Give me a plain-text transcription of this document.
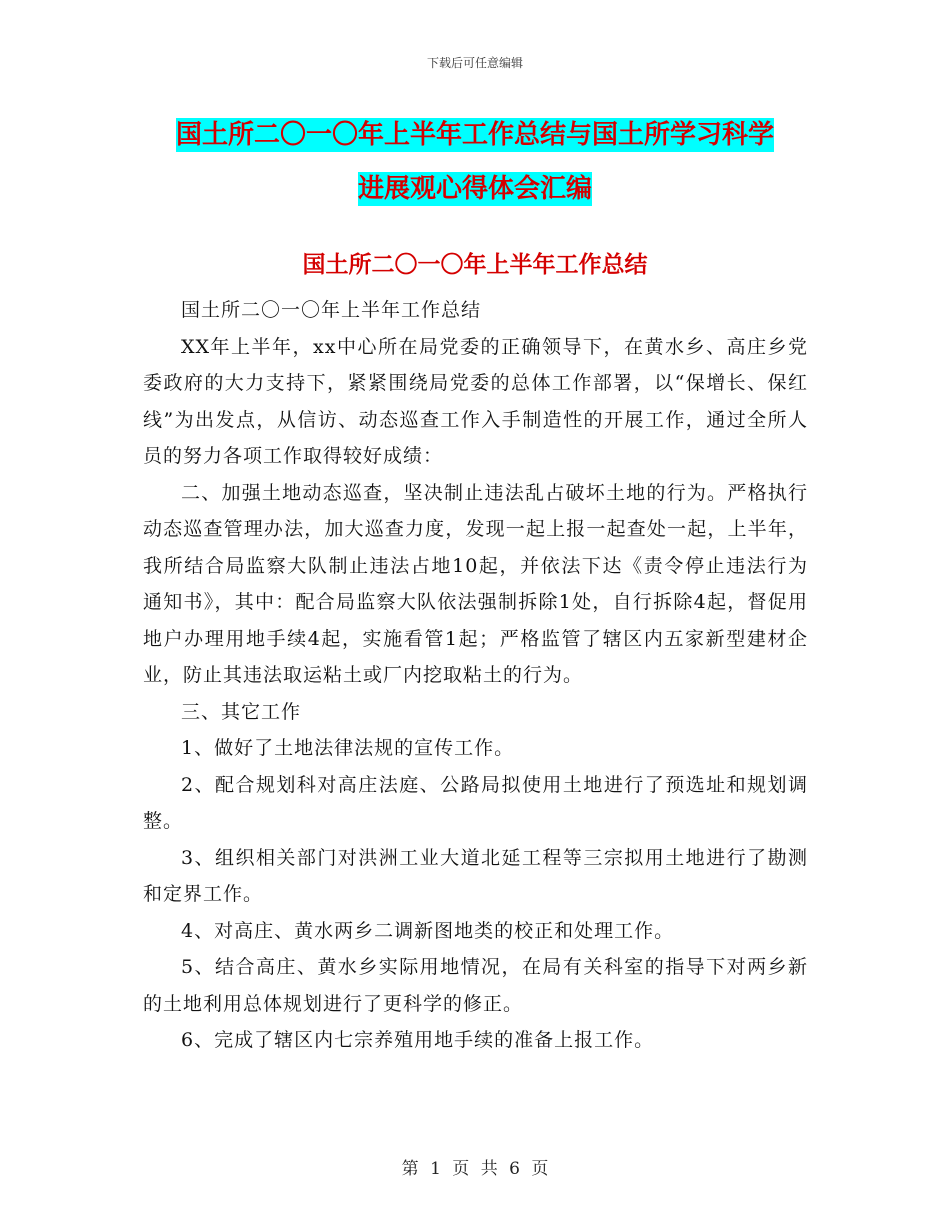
下载后可任意编辑
国土所二〇一〇年上半年工作总结与国土所学习科学
进展观心得体会汇编
国土所二〇一〇年上半年工作总结

国土所二〇一〇年上半年工作总结

XX年上半年，xx中心所在局党委的正确领导下，在黄水乡、高庄乡党委政府的大力支持下，紧紧围绕局党委的总体工作部署，以“保增长、保红线”为出发点，从信访、动态巡查工作入手制造性的开展工作，通过全所人员的努力各项工作取得较好成绩：

二、加强土地动态巡查，坚决制止违法乱占破坏土地的行为。严格执行动态巡查管理办法，加大巡查力度，发现一起上报一起查处一起，上半年，我所结合局监察大队制止违法占地10起，并依法下达《责令停止违法行为通知书》，其中：配合局监察大队依法强制拆除1处，自行拆除4起，督促用地户办理用地手续4起，实施看管1起；严格监管了辖区内五家新型建材企业，防止其违法取运粘土或厂内挖取粘土的行为。

三、其它工作

1、做好了土地法律法规的宣传工作。

2、配合规划科对高庄法庭、公路局拟使用土地进行了预选址和规划调整。

3、组织相关部门对洪洲工业大道北延工程等三宗拟用土地进行了勘测和定界工作。

4、对高庄、黄水两乡二调新图地类的校正和处理工作。

5、结合高庄、黄水乡实际用地情况，在局有关科室的指导下对两乡新的土地利用总体规划进行了更科学的修正。

6、完成了辖区内七宗养殖用地手续的准备上报工作。

第 1 页 共 6 页
